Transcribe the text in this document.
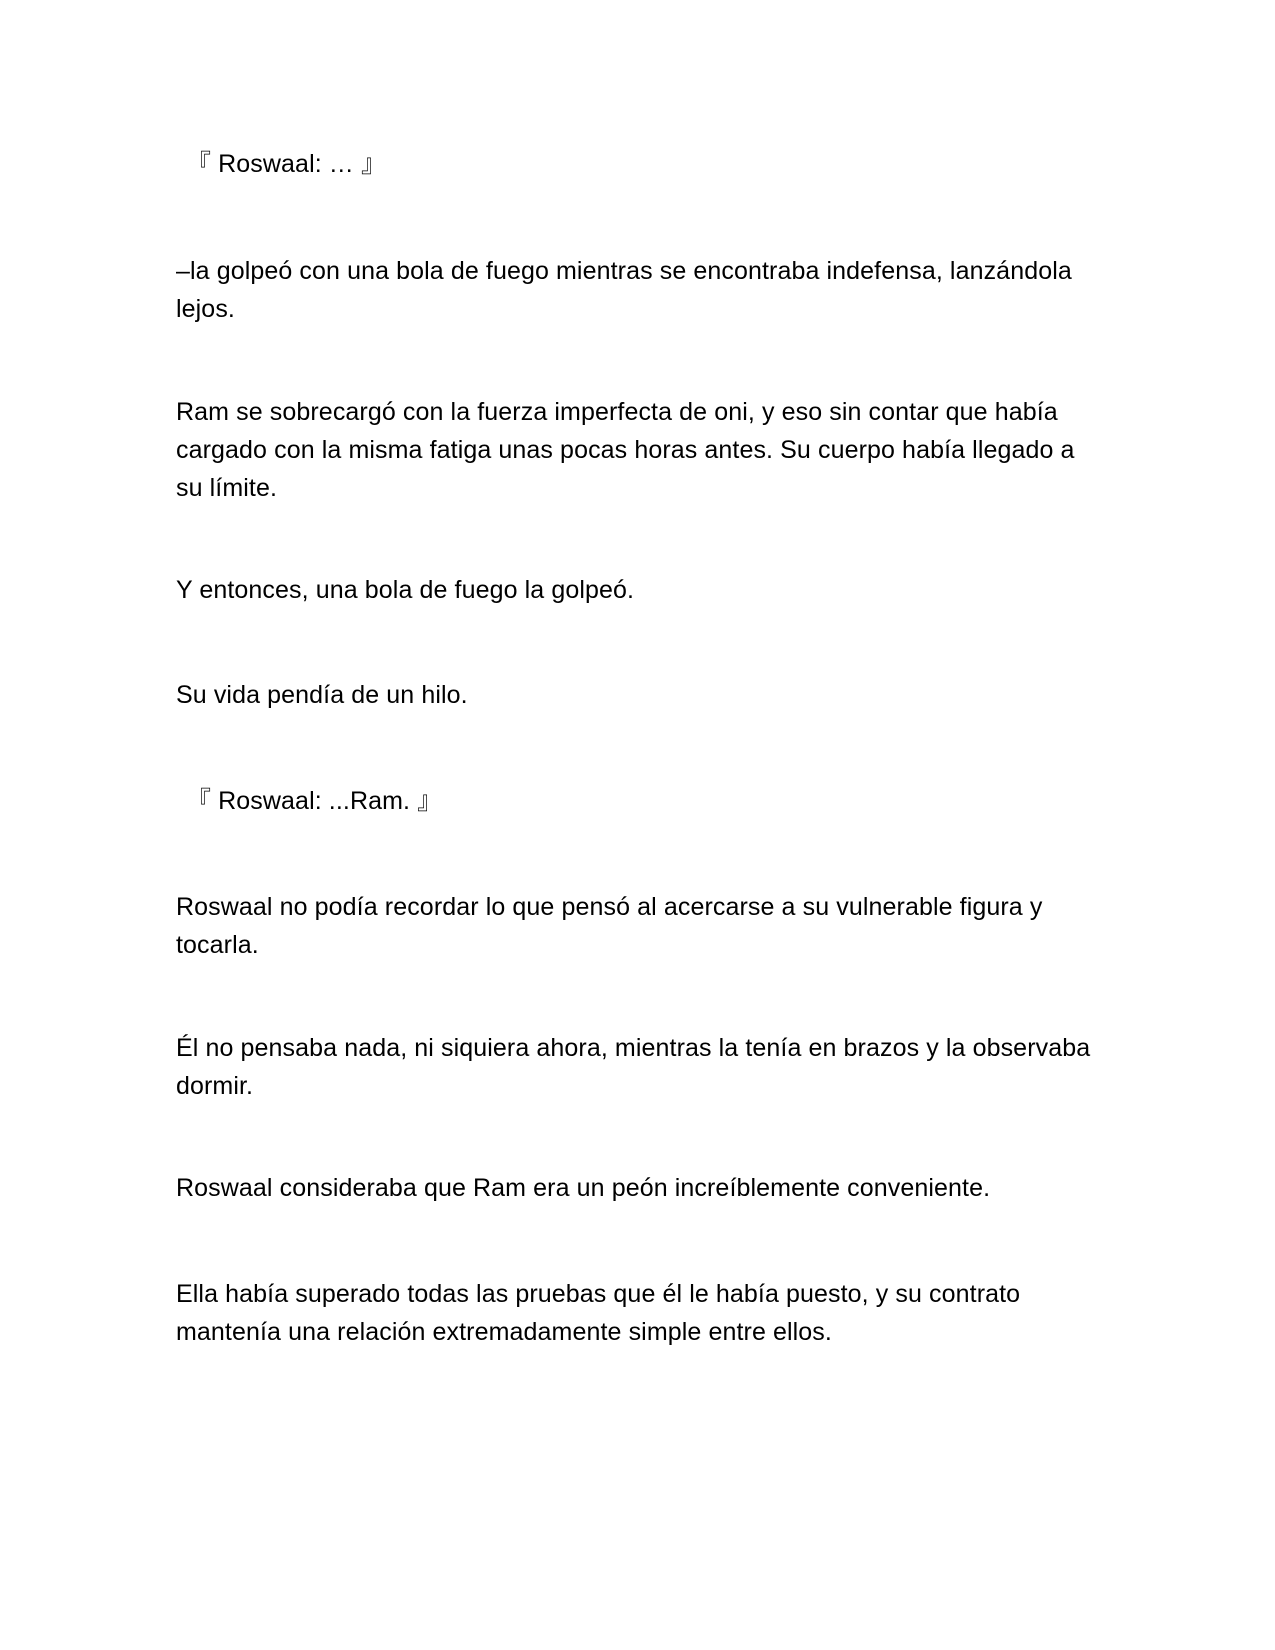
『 Roswaal: … 』

–la golpeó con una bola de fuego mientras se encontraba indefensa, lanzándola lejos.

Ram se sobrecargó con la fuerza imperfecta de oni, y eso sin contar que había cargado con la misma fatiga unas pocas horas antes. Su cuerpo había llegado a su límite.

Y entonces, una bola de fuego la golpeó.

Su vida pendía de un hilo.

『 Roswaal: ...Ram. 』

Roswaal no podía recordar lo que pensó al acercarse a su vulnerable figura y tocarla.

Él no pensaba nada, ni siquiera ahora, mientras la tenía en brazos y la observaba dormir.

Roswaal consideraba que Ram era un peón increíblemente conveniente.

Ella había superado todas las pruebas que él le había puesto, y su contrato mantenía una relación extremadamente simple entre ellos.
